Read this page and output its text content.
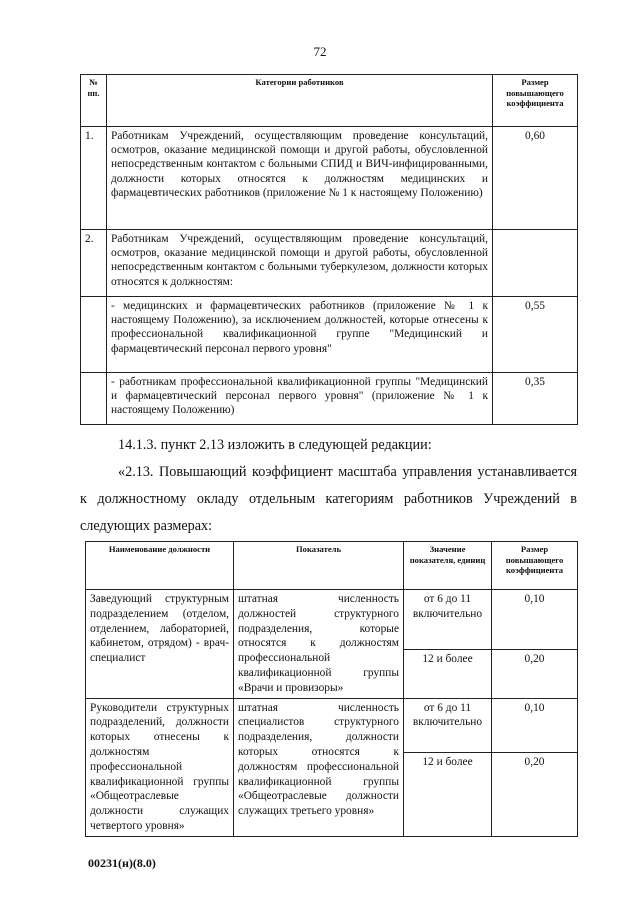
72
№ пп.	Категории работников	Размер повышающего коэффициента
1.	Работникам Учреждений, осуществляющим проведение консультаций, осмотров, оказание медицинской помощи и другой работы, обусловленной непосредственным контактом с больными СПИД и ВИЧ-инфицированными, должности которых относятся к должностям медицинских и фармацевтических работников (приложение № 1 к настоящему Положению)	0,60
2.	Работникам Учреждений, осуществляющим проведение консультаций, осмотров, оказание медицинской помощи и другой работы, обусловленной непосредственным контактом с больными туберкулезом, должности которых относятся к должностям:	
	- медицинских и фармацевтических работников (приложение № 1 к настоящему Положению), за исключением должностей, которые отнесены к профессиональной квалификационной группе "Медицинский и фармацевтический персонал первого уровня"	0,55
	- работникам профессиональной квалификационной группы "Медицинский и фармацевтический персонал первого уровня" (приложение № 1 к настоящему Положению)	0,35
14.1.3. пункт 2.13 изложить в следующей редакции:
«2.13. Повышающий коэффициент масштаба управления устанавливается к должностному окладу отдельным категориям работников Учреждений в следующих размерах:
Наименование должности	Показатель	Значение показателя, единиц	Размер повышающего коэффициента
Заведующий структурным подразделением (отделом, отделением, лабораторией, кабинетом, отрядом) - врач-специалист	штатная численность должностей структурного подразделения, которые относятся к должностям профессиональной квалификационной группы «Врачи и провизоры»	от 6 до 11 включительно	0,10
		12 и более	0,20
Руководители структурных подразделений, должности которых отнесены к должностям профессиональной квалификационной группы «Общеотраслевые должности служащих четвертого уровня»	штатная численность специалистов структурного подразделения, должности которых относятся к должностям профессиональной квалификационной группы «Общеотраслевые должности служащих третьего уровня»	от 6 до 11 включительно	0,10
		12 и более	0,20
00231(н)(8.0)
